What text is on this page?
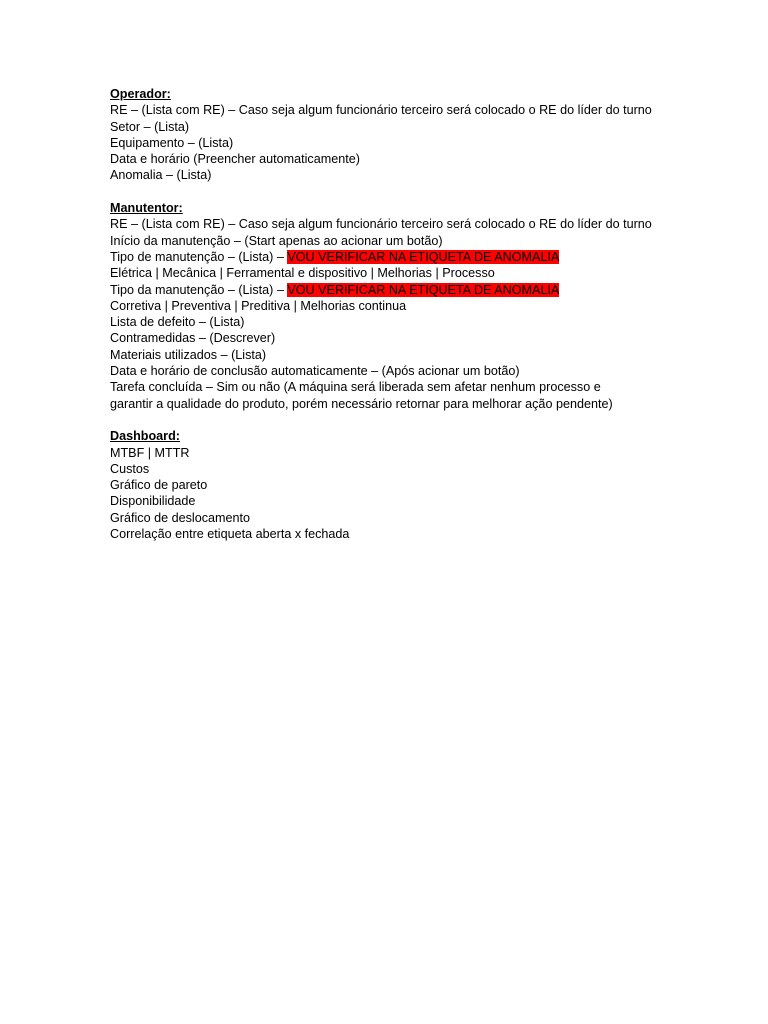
Operador:

RE – (Lista com RE) – Caso seja algum funcionário terceiro será colocado o RE do líder do turno

Setor – (Lista)

Equipamento – (Lista)

Data e horário (Preencher automaticamente)

Anomalia – (Lista)

Manutentor:

RE – (Lista com RE) – Caso seja algum funcionário terceiro será colocado o RE do líder do turno

Início da manutenção – (Start apenas ao acionar um botão)

Tipo de manutenção – (Lista) – VOU VERIFICAR NA ETIQUETA DE ANOMALIA

Elétrica | Mecânica | Ferramental e dispositivo | Melhorias | Processo

Tipo da manutenção – (Lista) – VOU VERIFICAR NA ETIQUETA DE ANOMALIA

Corretiva | Preventiva | Preditiva | Melhorias continua

Lista de defeito – (Lista)

Contramedidas – (Descrever)

Materiais utilizados – (Lista)

Data e horário de conclusão automaticamente – (Após acionar um botão)

Tarefa concluída – Sim ou não (A máquina será liberada sem afetar nenhum processo e

garantir a qualidade do produto, porém necessário retornar para melhorar ação pendente)

Dashboard:

MTBF | MTTR

Custos

Gráfico de pareto

Disponibilidade

Gráfico de deslocamento

Correlação entre etiqueta aberta x fechada
